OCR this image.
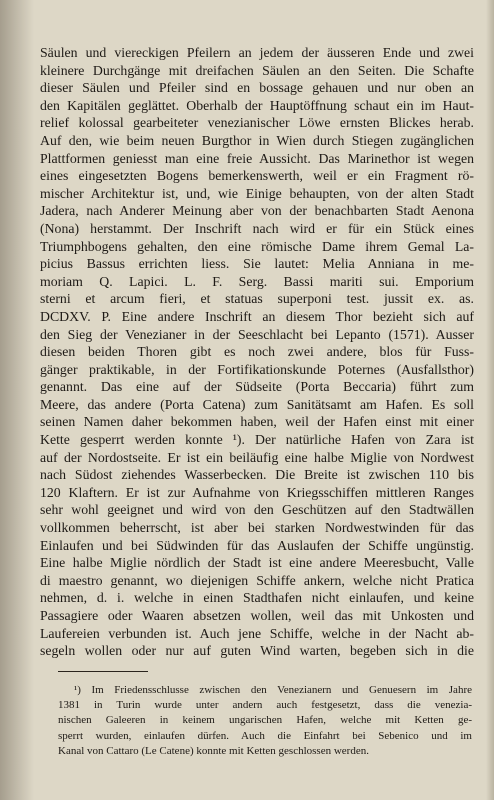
Säulen und viereckigen Pfeilern an jedem der äusseren Ende und zwei
kleinere Durchgänge mit dreifachen Säulen an den Seiten. Die Schafte
dieser Säulen und Pfeiler sind en bossage gehauen und nur oben an
den Kapitälen geglättet. Oberhalb der Hauptöffnung schaut ein im Haut-
relief kolossal gearbeiteter venezianischer Löwe ernsten Blickes herab.
Auf den, wie beim neuen Burgthor in Wien durch Stiegen zugänglichen
Plattformen geniesst man eine freie Aussicht. Das Marinethor ist wegen
eines eingesetzten Bogens bemerkenswerth, weil er ein Fragment rö-
mischer Architektur ist, und, wie Einige behaupten, von der alten Stadt
Jadera, nach Anderer Meinung aber von der benachbarten Stadt Aenona
(Nona) herstammt. Der Inschrift nach wird er für ein Stück eines
Triumphbogens gehalten, den eine römische Dame ihrem Gemal La-
picius Bassus errichten liess. Sie lautet: Melia Anniana in me-
moriam Q. Lapici. L. F. Serg. Bassi mariti sui. Emporium
sterni et arcum fieri, et statuas superponi test. jussit ex. as.
DCDXV. P. Eine andere Inschrift an diesem Thor bezieht sich auf
den Sieg der Venezianer in der Seeschlacht bei Lepanto (1571). Ausser
diesen beiden Thoren gibt es noch zwei andere, blos für Fuss-
gänger praktikable, in der Fortifikationskunde Poternes (Ausfallsthor)
genannt. Das eine auf der Südseite (Porta Beccaria) führt zum
Meere, das andere (Porta Catena) zum Sanitätsamt am Hafen. Es soll
seinen Namen daher bekommen haben, weil der Hafen einst mit einer
Kette gesperrt werden konnte ¹). Der natürliche Hafen von Zara ist
auf der Nordostseite. Er ist ein beiläufig eine halbe Miglie von Nordwest
nach Südost ziehendes Wasserbecken. Die Breite ist zwischen 110 bis
120 Klaftern. Er ist zur Aufnahme von Kriegsschiffen mittleren Ranges
sehr wohl geeignet und wird von den Geschützen auf den Stadtwällen
vollkommen beherrscht, ist aber bei starken Nordwestwinden für das
Einlaufen und bei Südwinden für das Auslaufen der Schiffe ungünstig.
Eine halbe Miglie nördlich der Stadt ist eine andere Meeresbucht, Valle
di maestro genannt, wo diejenigen Schiffe ankern, welche nicht Pratica
nehmen, d. i. welche in einen Stadthafen nicht einlaufen, und keine
Passagiere oder Waaren absetzen wollen, weil das mit Unkosten und
Laufereien verbunden ist. Auch jene Schiffe, welche in der Nacht ab-
segeln wollen oder nur auf guten Wind warten, begeben sich in die
¹) Im Friedensschlusse zwischen den Venezianern und Genuesern im Jahre
1381 in Turin wurde unter andern auch festgesetzt, dass die venezia-
nischen Galeeren in keinem ungarischen Hafen, welche mit Ketten ge-
sperrt wurden, einlaufen dürfen. Auch die Einfahrt bei Sebenico und im
Kanal von Cattaro (Le Catene) konnte mit Ketten geschlossen werden.
